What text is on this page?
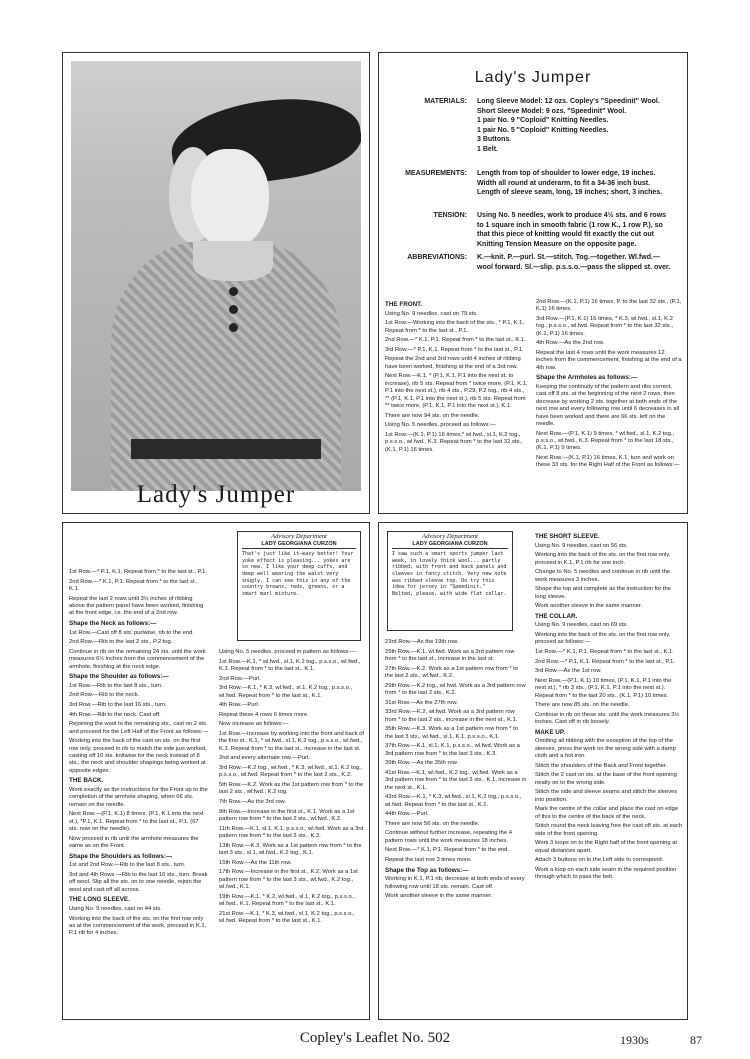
Lady's Jumper
Lady's Jumper
MATERIALS: Long Sleeve Model: 12 ozs. Copley's "Speedinit" Wool.
Short Sleeve Model: 9 ozs. "Speedinit" Wool.
1 pair No. 9 "Coploid" Knitting Needles.
1 pair No. 5 "Coploid" Knitting Needles.
3 Buttons.
1 Belt.
MEASUREMENTS: Length from top of shoulder to lower edge, 19 inches.
Width all round at underarm, to fit a 34-36 inch bust.
Length of sleeve seam, long, 19 inches; short, 3 inches.
TENSION: Using No. 5 needles, work to produce 4½ sts. and 6 rows to 1 square inch in smooth fabric (1 row K., 1 row P.), so that this piece of knitting would fit exactly the cut out Knitting Tension Measure on the opposite page.
ABBREVIATIONS: K.—knit. P.—purl. St.—stitch. Tog.—together. Wl.fwd.—wool forward. Sl.—slip. p.s.s.o.—pass the slipped st. over.

THE FRONT.

Using No. 9 needles, cast on 79 sts.

1st Row.—Working into the back of the sts., * P.1, K.1. Repeat from * to the last st., P.1.

2nd Row.—* K.1, P.1. Repeat from * to the last st., K.1.

3rd Row.—* P.1, K.1. Repeat from * to the last st., P.1.

Repeat the 2nd and 3rd rows until 4 inches of ribbing have been worked, finishing at the end of a 3rd row.

Next Row.—K.1, * (P.1, K.1, P.1 into the next st. to increase), rib 5 sts. Repeat from * twice more, (P.1, K.1, P.1 into the next st.), rib 4 sts., P.29, P.2 tog., rib 4 sts., ** (P.1, K.1, P.1 into the next st.), rib 5 sts. Repeat from ** twice more, (P.1, K.1, P.1 into the next st.), K.1.

There are now 94 sts. on the needle.

Using No. 5 needles, proceed as follows:—

1st Row.—(K.1, P.1) 16 times,* wl.fwd., sl.1, K.2 tog., p.s.s.o., wl.fwd., K.3. Repeat from * to the last 32 sts., (K.1, P.1) 16 times.

2nd Row.—(K.1, P.1) 16 times, P. to the last 32 sts., (P.1, K.1) 16 times.

3rd Row.—(P.1, K.1) 16 times, * K.3, wl.fwd., sl.1, K.2 tog., p.s.s.o., wl.fwd. Repeat from * to the last 32 sts., (K.1, P.1) 16 times.

4th Row.—As the 2nd row.

Repeat the last 4 rows until the work measures 12 inches from the commencement, finishing at the end of a 4th row.

Shape the Armholes as follows:—

Keeping the continuity of the pattern and ribs correct, cast off 8 sts. at the beginning of the next 2 rows, then decrease by working 2 sts. together at both ends of the next row and every following row until 6 decreases in all have been worked and there are 66 sts. left on the needle.

Next Row.—(P.1, K.1) 9 times, * wl.fwd., sl.1, K.2 tog., p.s.s.o., wl.fwd., K.3. Repeat from * to the last 18 sts., (K.1, P.1) 9 times.

Next Row.—(K.1, P.1) 16 times, K.1, turn and work on these 33 sts. for the Right Half of the Front as follows:—

1st Row.—* P.1, K.1. Repeat from * to the last st., P.1.

2nd Row.—* K.1, P.1. Repeat from * to the last st., K.1.

Repeat the last 2 rows until 3½ inches of ribbing above the pattern panel have been worked, finishing at the front edge, i.e. the end of a 2nd row.

Shape the Neck as follows:—

1st Row.—Cast off 8 sts. purlwise, rib to the end.

2nd Row.—Rib to the last 2 sts., P.2 tog.

Continue in rib on the remaining 24 sts. until the work measures 6½ inches from the commencement of the armhole, finishing at the neck edge.

Shape the Shoulder as follows:—

1st Row.—Rib to the last 8 sts., turn.

2nd Row.—Rib to the neck.

3rd Row.—Rib to the last 16 sts., turn.

4th Row.—Rib to the neck. Cast off.

Rejoining the wool to the remaining sts., cast on 2 sts. and proceed for the Left Half of the Front as follows:—

Working into the back of the cast on sts. on the first row only, proceed in rib to match the side just worked, casting off 10 sts. knitwise for the neck instead of 8 sts., the neck and shoulder shapings being worked at opposite edges.

THE BACK.

Work exactly as the instructions for the Front up to the completion of the armhole shaping, when 66 sts. remain on the needle.

Next Row.—(P.1, K.1) 8 times, (P.1, K.1 into the next st.), *P.1, K.1. Repeat from * to the last st., P.1. (67 sts. now on the needle).

Now proceed in rib until the armhole measures the same as on the Front.

Shape the Shoulders as follows:—

1st and 2nd Row.—Rib to the last 8 sts., turn.

3rd and 4th Rows.—Rib to the last 16 sts., turn. Break off wool. Slip all the sts. on to one needle, rejoin the wool and cast off all across.

THE LONG SLEEVE.

Using No. 9 needles, cast on 44 sts.

Working into the back of the sts. on the first row only as at the commencement of the work, proceed in K.1, P.1 rib for 4 inches.

Advisory Department
LADY GEORGIANA CURZON
That's just like it—easy better! Your yoke effect is pleasing... yokes are so new. I like your deep cuffs, and deep well wearing the waist very snugly. I can see this in any of the country browns, reds, greens, or a smart marl mixture.

Using No. 5 needles, proceed in pattern as follows:—

1st Row.—K.1, * wl.fwd., sl.1, K.2 tog., p.s.s.o., wl.fwd., K.3. Repeat from * to the last st., K.1.

2nd Row.—Purl.

3rd Row.—K.1, * K.3, wl.fwd., sl.1, K.2 tog., p.s.s.o., wl.fwd. Repeat from * to the last st., K.1.

4th Row.—Purl.

Repeat these 4 rows 6 times more.

Now increase as follows:—

1st Row.—Increase by working into the front and back of the first st., K.1, * wl.fwd., sl.1, K.2 tog., p.s.s.o., wl.fwd., K.3. Repeat from * to the last st., increase in the last st.

2nd and every alternate row.—Purl.

3rd Row.—K.2 tog., wl.fwd., * K.3, wl.fwd., sl.1, K.2 tog., p.s.s.o., wl.fwd. Repeat from * to the last 2 sts., K.2.

5th Row.—K.2. Work as the 1st pattern row from * to the last 2 sts., wl.fwd., K.2 tog.

7th Row.—As the 3rd row.

9th Row.—Increase in the first st., K.1. Work as a 1st pattern row from * to the last 2 sts., wl.fwd., K.2.

11th Row.—K.1, sl.1, K.1, p.s.s.o., wl.fwd. Work as a 3rd pattern row from * to the last 3 sts., K.3.

13th Row.—K.3. Work as a 1st pattern row from * to the last 3 sts., sl.1, wl.fwd., K.2 tog., K.1.

15th Row.—As the 11th row.

17th Row.—Increase in the first st., K.2. Work as a 1st pattern row from * to the last 3 sts., wl.fwd., K.2 tog., wl.fwd., K.1.

19th Row.—K.1, * K.2, wl.fwd., sl.1, K.2 tog., p.s.s.o., wl.fwd., K.1. Repeat from * to the last st., K.1.

21st Row.—K.1, * K.3, wl.fwd., sl.1, K.2 tog., p.s.s.o., wl.fwd. Repeat from * to the last st., K.1.

Advisory Department
LADY GEORGIANA CURZON
I saw such a smart sports jumper last week, in lovely thick wool... partly ribbed, with front and back panels and sleeves in fancy stitch. Very new note was ribbed sleeve top. Do try this idea for jersey in "Speedinit." Belted, please, with wide flat collar.

23rd Row.—As the 19th row.

25th Row.—K.1, wl.fwd. Work as a 3rd pattern row from * to the last st., increase in the last st.

27th Row.—K.2. Work as a 1st pattern row from * to the last 2 sts., wl.fwd., K.2.

29th Row.—K.2 tog., wl.fwd. Work as a 3rd pattern row from * to the last 2 sts., K.2.

31st Row.—As the 27th row.

33rd Row.—K.2, wl.fwd. Work as a 3rd pattern row from * to the last 2 sts., increase in the next st., K.1.

35th Row.—K.3. Work as a 1st pattern row from * to the last 3 sts., wl.fwd., sl.1, K.1, p.s.s.o., K.1.

37th Row.—K.1, sl.1, K.1, p.s.s.o., wl.fwd. Work as a 3rd pattern row from * to the last 3 sts., K.3.

39th Row.—As the 35th row.

41st Row.—K.1, wl.fwd., K.2 tog., wl.fwd. Work as a 3rd pattern row from * to the last 3 sts., K.1, increase in the next st., K.1.

43rd Row.—K.1, * K.3, wl.fwd., sl.1, K.2 tog., p.s.s.o., wl.fwd. Repeat from * to the last st., K.1.

44th Row.—Purl.

There are now 56 sts. on the needle.

Continue without further increase, repeating the 4 pattern rows until the work measures 18 inches.

Next Row.—* K.1, P.1. Repeat from * to the end.

Repeat the last row 3 times more.

Shape the Top as follows:—

Working in K.1, P.1 rib, decrease at both ends of every following row until 18 sts. remain. Cast off.

Work another sleeve in the same manner.

THE SHORT SLEEVE.

Using No. 9 needles, cast on 56 sts.

Working into the back of the sts. on the first row only, proceed in K.1, P.1 rib for one inch.

Change to No. 5 needles and continue in rib until the work measures 3 inches.

Shape the top and complete as the instruction for the long sleeve.

Work another sleeve in the same manner.

THE COLLAR.

Using No. 9 needles, cast on 69 sts.

Working into the back of the sts. on the first row only, proceed as follows:—

1st Row.—* K.1, P.1. Repeat from * to the last st., K.1.

2nd Row.—* P.1, K.1. Repeat from * to the last st., P.1.

3rd Row.—As the 1st row.

Next Row.—(P.1, K.1) 10 times, (P.1, K.1, P.1 into the next st.), * rib 3 sts., (P.1, K.1, P.1 into the next st.). Repeat from * to the last 20 sts., (K.1, P.1) 10 times.

There are now 85 sts. on the needle.

Continue in rib on these sts. until the work measures 3½ inches. Cast off in rib loosely.

MAKE UP.

Omitting all ribbing with the exception of the top of the sleeves, press the work on the wrong side with a damp cloth and a hot iron.

Stitch the shoulders of the Back and Front together.

Stitch the 2 cast on sts. at the base of the front opening neatly on to the wrong side.

Stitch the side and sleeve seams and stitch the sleeves into position.

Mark the centre of the collar and place the cast on edge of this to the centre of the back of the neck.

Stitch round the neck leaving free the cast off sts. at each side of the front opening.

Work 3 loops on to the Right half of the front opening at equal distances apart.

Attach 3 buttons on to the Left side to correspond.

Work a loop on each side seam in the required position through which to pass the belt.

Copley's Leaflet No. 502	1930s	87
